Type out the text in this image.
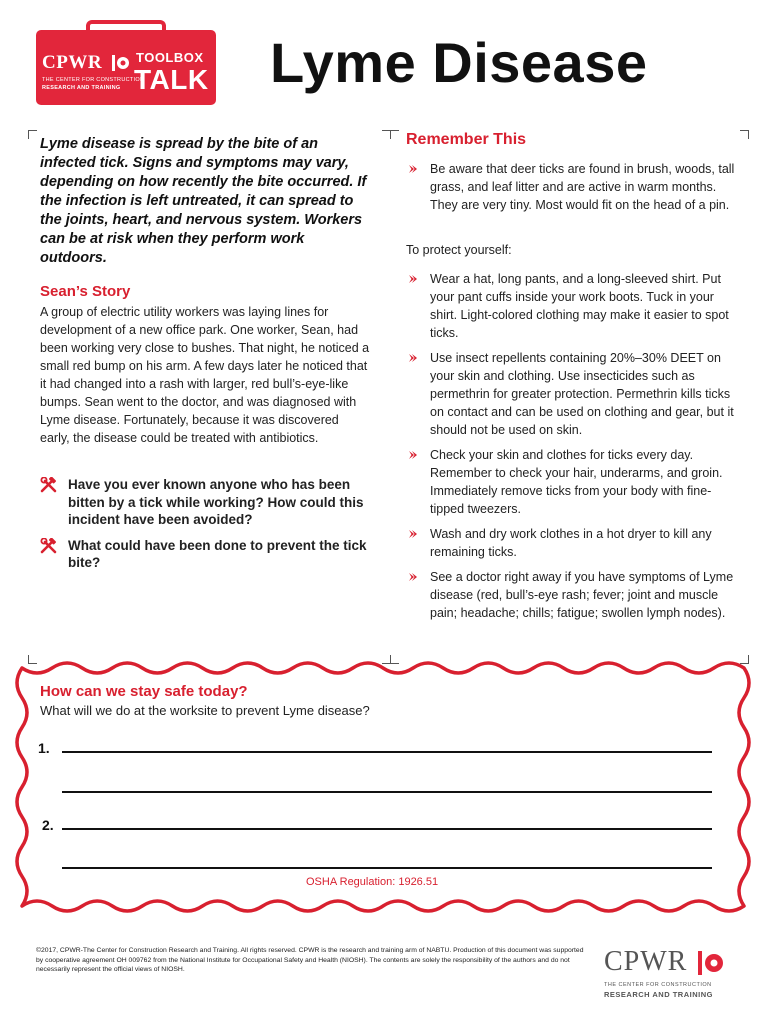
CPWR	TOOLBOX
TALK
THE CENTER FOR CONSTRUCTION
RESEARCH AND TRAINING	Lyme Disease
Lyme disease is spread by the bite of an infected tick. Signs and symptoms may vary, depending on how recently the bite occurred. If the infection is left untreated, it can spread to the joints, heart, and nervous system. Workers can be at risk when they perform work outdoors.
Sean’s Story
A group of electric utility workers was laying lines for development of a new office park. One worker, Sean, had been working very close to bushes. That night, he noticed a small red bump on his arm. A few days later he noticed that it had changed into a rash with larger, red bull’s-eye-like bumps. Sean went to the doctor, and was diagnosed with Lyme disease. Fortunately, because it was discovered early, the disease could be treated with antibiotics.
Have you ever known anyone who has been bitten by a tick while working? How could this incident have been avoided?
What could have been done to prevent the tick bite?
Remember This
Be aware that deer ticks are found in brush, woods, tall grass, and leaf litter and are active in warm months. They are very tiny. Most would fit on the head of a pin.
To protect yourself:
Wear a hat, long pants, and a long-sleeved shirt. Put your pant cuffs inside your work boots. Tuck in your shirt. Light-colored clothing may make it easier to spot ticks.
Use insect repellents containing 20%–30% DEET on your skin and clothing. Use insecticides such as permethrin for greater protection. Permethrin kills ticks on contact and can be used on clothing and gear, but it should not be used on skin.
Check your skin and clothes for ticks every day. Remember to check your hair, underarms, and groin. Immediately remove ticks from your body with fine-tipped tweezers.
Wash and dry work clothes in a hot dryer to kill any remaining ticks.
See a doctor right away if you have symptoms of Lyme disease (red, bull’s-eye rash; fever; joint and muscle pain; headache; chills; fatigue; swollen lymph nodes).
How can we stay safe today?
What will we do at the worksite to prevent Lyme disease?
1.
2.
OSHA Regulation: 1926.51
©2017, CPWR-The Center for Construction Research and Training. All rights reserved. CPWR is the research and training arm of NABTU. Production of this document was supported by cooperative agreement OH 009762 from the National Institute for Occupational Safety and Health (NIOSH). The contents are solely the responsibility of the authors and do not necessarily represent the official views of NIOSH.	CPWR
THE CENTER FOR CONSTRUCTION
RESEARCH AND TRAINING
